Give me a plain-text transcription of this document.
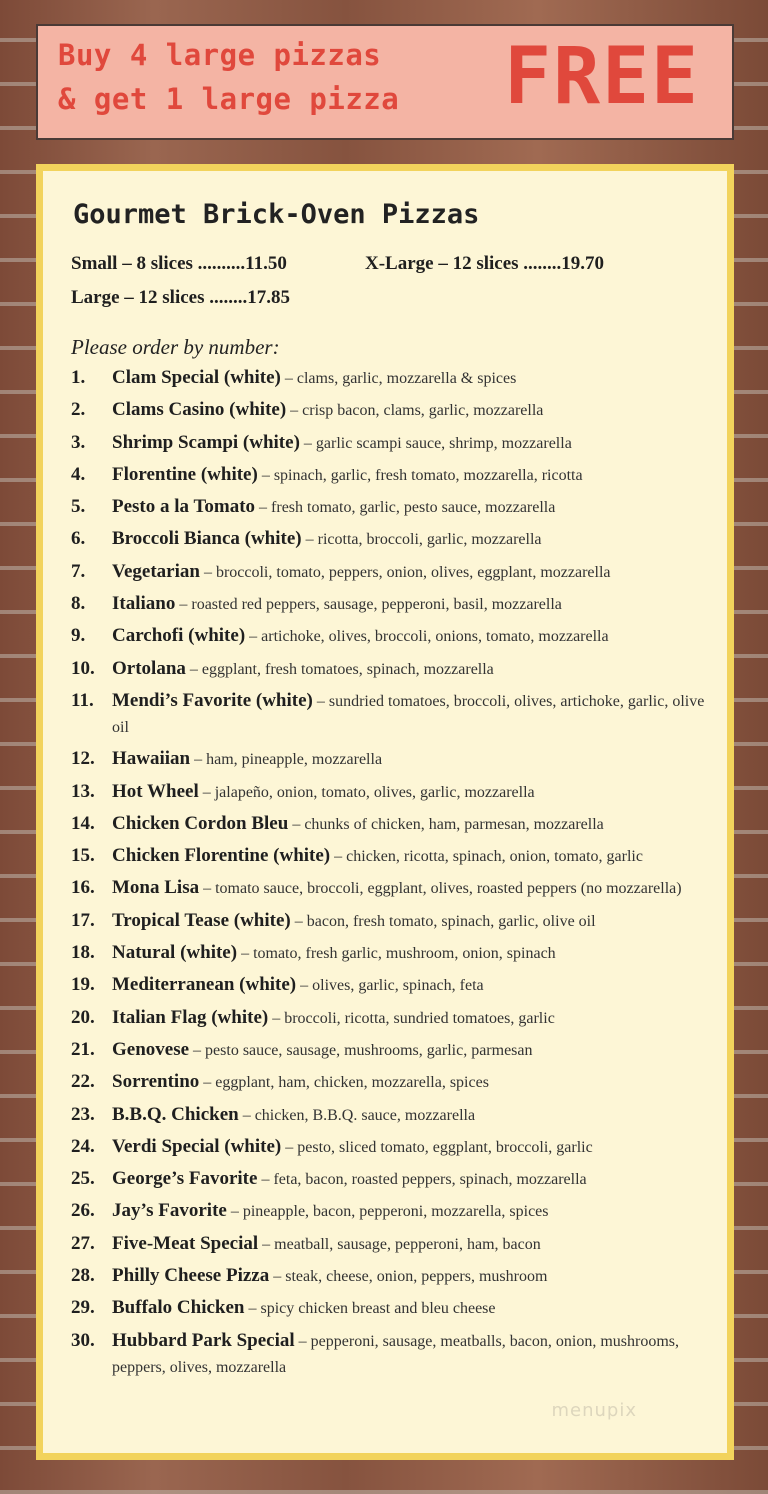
Buy 4 large pizzas
& get 1 large pizza FREE
Gourmet Brick-Oven Pizzas
Small – 8 slices ..........11.50	X-Large – 12 slices ........19.70
Large – 12 slices ........17.85
Please order by number:
1. Clam Special (white) – clams, garlic, mozzarella & spices
2. Clams Casino (white) – crisp bacon, clams, garlic, mozzarella
3. Shrimp Scampi (white) – garlic scampi sauce, shrimp, mozzarella
4. Florentine (white) – spinach, garlic, fresh tomato, mozzarella, ricotta
5. Pesto a la Tomato – fresh tomato, garlic, pesto sauce, mozzarella
6. Broccoli Bianca (white) – ricotta, broccoli, garlic, mozzarella
7. Vegetarian – broccoli, tomato, peppers, onion, olives, eggplant, mozzarella
8. Italiano – roasted red peppers, sausage, pepperoni, basil, mozzarella
9. Carchofi (white) – artichoke, olives, broccoli, onions, tomato, mozzarella
10. Ortolana – eggplant, fresh tomatoes, spinach, mozzarella
11. Mendi’s Favorite (white) – sundried tomatoes, broccoli, olives, artichoke, garlic, olive oil
12. Hawaiian – ham, pineapple, mozzarella
13. Hot Wheel – jalapeño, onion, tomato, olives, garlic, mozzarella
14. Chicken Cordon Bleu – chunks of chicken, ham, parmesan, mozzarella
15. Chicken Florentine (white) – chicken, ricotta, spinach, onion, tomato, garlic
16. Mona Lisa – tomato sauce, broccoli, eggplant, olives, roasted peppers (no mozzarella)
17. Tropical Tease (white) – bacon, fresh tomato, spinach, garlic, olive oil
18. Natural (white) – tomato, fresh garlic, mushroom, onion, spinach
19. Mediterranean (white) – olives, garlic, spinach, feta
20. Italian Flag (white) – broccoli, ricotta, sundried tomatoes, garlic
21. Genovese – pesto sauce, sausage, mushrooms, garlic, parmesan
22. Sorrentino – eggplant, ham, chicken, mozzarella, spices
23. B.B.Q. Chicken – chicken, B.B.Q. sauce, mozzarella
24. Verdi Special (white) – pesto, sliced tomato, eggplant, broccoli, garlic
25. George’s Favorite – feta, bacon, roasted peppers, spinach, mozzarella
26. Jay’s Favorite – pineapple, bacon, pepperoni, mozzarella, spices
27. Five-Meat Special – meatball, sausage, pepperoni, ham, bacon
28. Philly Cheese Pizza – steak, cheese, onion, peppers, mushroom
29. Buffalo Chicken – spicy chicken breast and bleu cheese
30. Hubbard Park Special – pepperoni, sausage, meatballs, bacon, onion, mushrooms, peppers, olives, mozzarella
menupix
